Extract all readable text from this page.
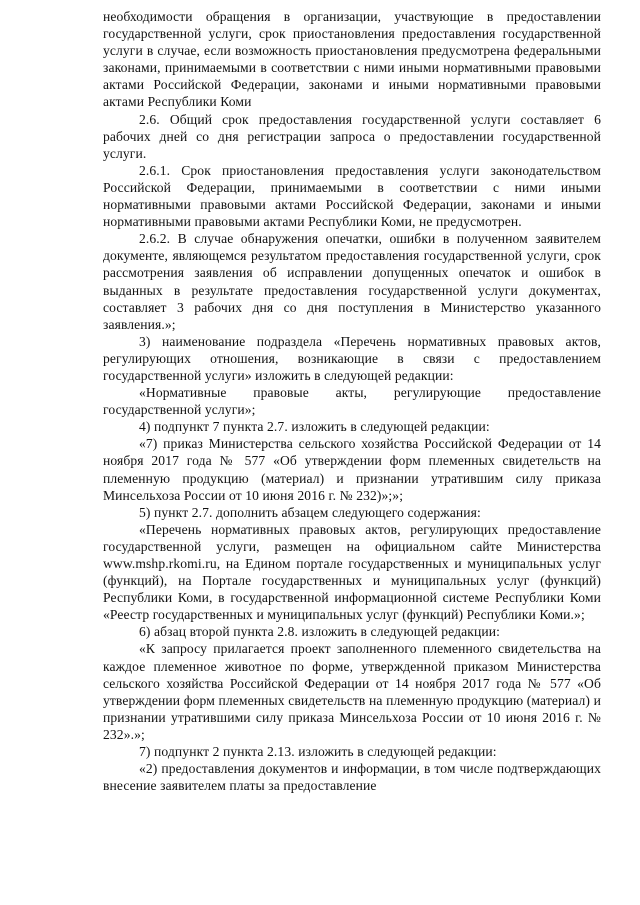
необходимости обращения в организации, участвующие в предоставлении государственной услуги, срок приостановления предоставления государственной услуги в случае, если возможность приостановления предусмотрена федеральными законами, принимаемыми в соответствии с ними иными нормативными правовыми актами Российской Федерации, законами и иными нормативными правовыми актами Республики Коми

2.6. Общий срок предоставления государственной услуги составляет 6 рабочих дней со дня регистрации запроса о предоставлении государственной услуги.

2.6.1. Срок приостановления предоставления услуги законодательством Российской Федерации, принимаемыми в соответствии с ними иными нормативными правовыми актами Российской Федерации, законами и иными нормативными правовыми актами Республики Коми, не предусмотрен.

2.6.2. В случае обнаружения опечатки, ошибки в полученном заявителем документе, являющемся результатом предоставления государственной услуги, срок рассмотрения заявления об исправлении допущенных опечаток и ошибок в выданных в результате предоставления государственной услуги документах, составляет 3 рабочих дня со дня поступления в Министерство указанного заявления.»;

3) наименование подраздела «Перечень нормативных правовых актов, регулирующих отношения, возникающие в связи с предоставлением государственной услуги» изложить в следующей редакции:

«Нормативные правовые акты, регулирующие предоставление государственной услуги»;

4) подпункт 7 пункта 2.7. изложить в следующей редакции:

«7) приказ Министерства сельского хозяйства Российской Федерации от 14 ноября 2017 года № 577 «Об утверждении форм племенных свидетельств на племенную продукцию (материал) и признании утратившим силу приказа Минсельхоза России от 10 июня 2016 г. № 232)»;»;

5) пункт 2.7. дополнить абзацем следующего содержания:

«Перечень нормативных правовых актов, регулирующих предоставление государственной услуги, размещен на официальном сайте Министерства www.mshp.rkomi.ru, на Едином портале государственных и муниципальных услуг (функций), на Портале государственных и муниципальных услуг (функций) Республики Коми, в государственной информационной системе Республики Коми «Реестр государственных и муниципальных услуг (функций) Республики Коми.»;

6) абзац второй пункта 2.8. изложить в следующей редакции:

«К запросу прилагается проект заполненного племенного свидетельства на каждое племенное животное по форме, утвержденной приказом Министерства сельского хозяйства Российской Федерации от 14 ноября 2017 года № 577 «Об утверждении форм племенных свидетельств на племенную продукцию (материал) и признании утратившими силу приказа Минсельхоза России от 10 июня 2016 г. № 232».»;

7) подпункт 2 пункта 2.13. изложить в следующей редакции:

«2) предоставления документов и информации, в том числе подтверждающих внесение заявителем платы за предоставление
